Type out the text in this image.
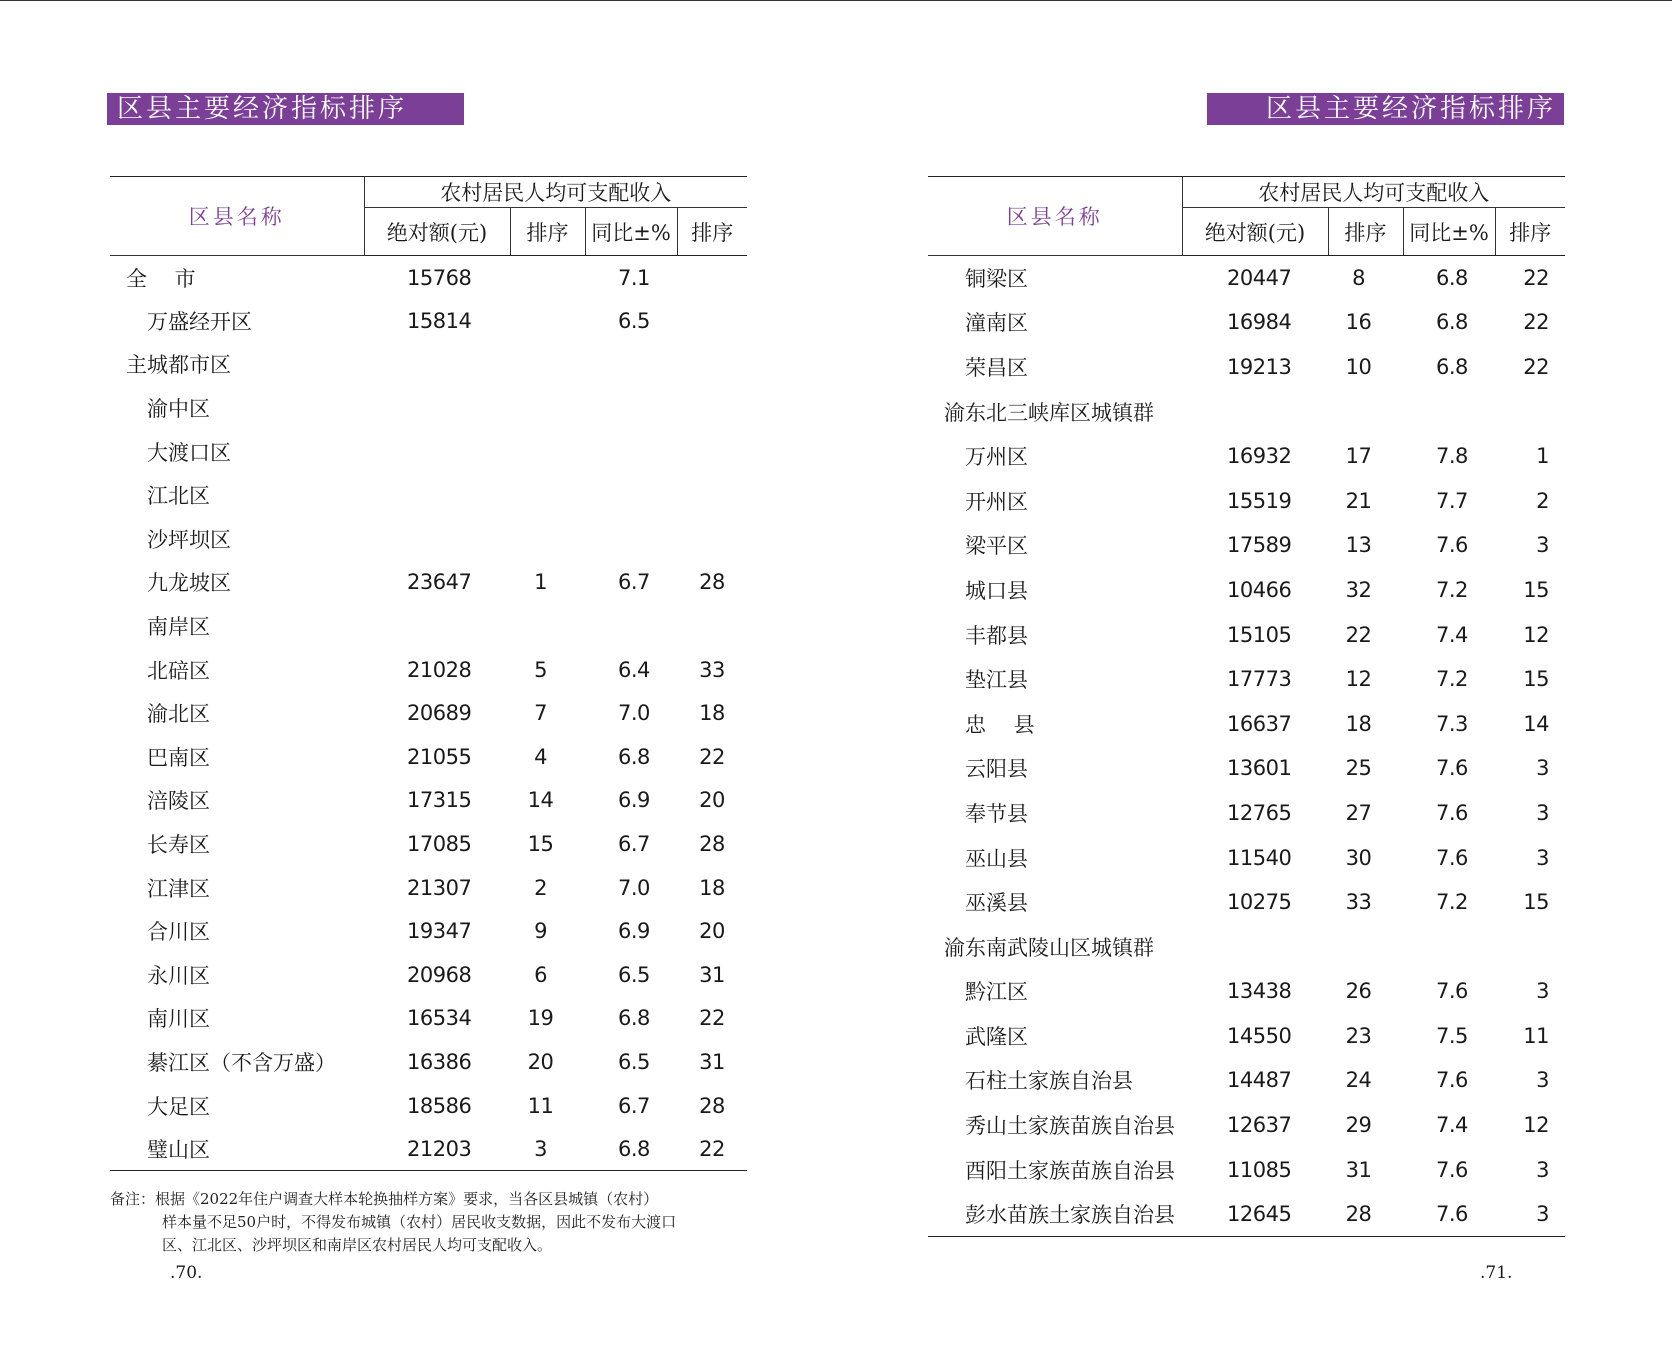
区县主要经济指标排序
区县名称	农村居民人均可支配收入			
	绝对额(元)	排序	同比±%	排序
全　 市	15768		7.1	
万盛经开区	15814		6.5	
主城都市区				
渝中区				
大渡口区				
江北区				
沙坪坝区				
九龙坡区	23647	1	6.7	28
南岸区				
北碚区	21028	5	6.4	33
渝北区	20689	7	7.0	18
巴南区	21055	4	6.8	22
涪陵区	17315	14	6.9	20
长寿区	17085	15	6.7	28
江津区	21307	2	7.0	18
合川区	19347	9	6.9	20
永川区	20968	6	6.5	31
南川区	16534	19	6.8	22
綦江区（不含万盛）	16386	20	6.5	31
大足区	18586	11	6.7	28
璧山区	21203	3	6.8	22
备注：根据《2022年住户调查大样本轮换抽样方案》要求，当各区县城镇（农村）
样本量不足50户时，不得发布城镇（农村）居民收支数据，因此不发布大渡口
区、江北区、沙坪坝区和南岸区农村居民人均可支配收入。
.70.
区县主要经济指标排序
区县名称	农村居民人均可支配收入			
	绝对额(元)	排序	同比±%	排序
铜梁区	20447	8	6.8	22
潼南区	16984	16	6.8	22
荣昌区	19213	10	6.8	22
渝东北三峡库区城镇群				
万州区	16932	17	7.8	1
开州区	15519	21	7.7	2
梁平区	17589	13	7.6	3
城口县	10466	32	7.2	15
丰都县	15105	22	7.4	12
垫江县	17773	12	7.2	15
忠　 县	16637	18	7.3	14
云阳县	13601	25	7.6	3
奉节县	12765	27	7.6	3
巫山县	11540	30	7.6	3
巫溪县	10275	33	7.2	15
渝东南武陵山区城镇群				
黔江区	13438	26	7.6	3
武隆区	14550	23	7.5	11
石柱土家族自治县	14487	24	7.6	3
秀山土家族苗族自治县	12637	29	7.4	12
酉阳土家族苗族自治县	11085	31	7.6	3
彭水苗族土家族自治县	12645	28	7.6	3
.71.
